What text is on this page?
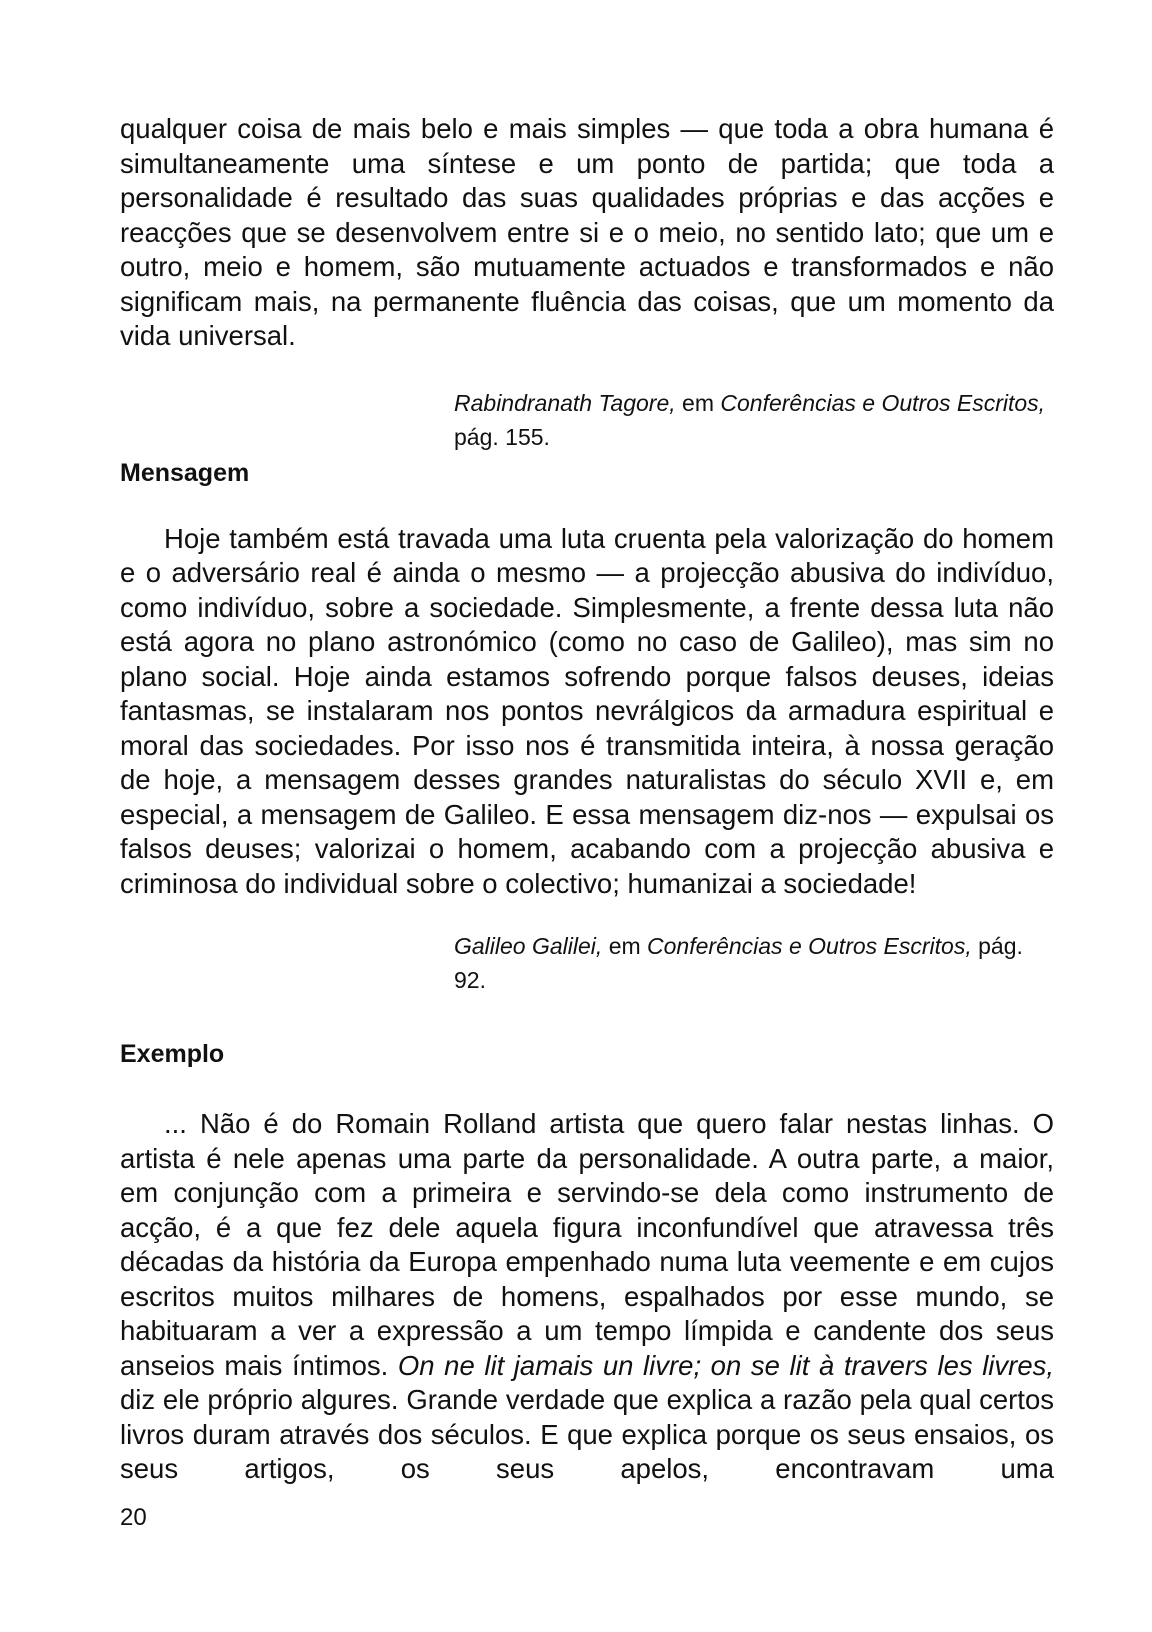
qualquer coisa de mais belo e mais simples — que toda a obra humana é simultaneamente uma síntese e um ponto de partida; que toda a personalidade é resultado das suas qualidades próprias e das acções e reacções que se desenvolvem entre si e o meio, no sentido lato; que um e outro, meio e homem, são mutuamente actuados e transformados e não significam mais, na permanente fluência das coisas, que um momento da vida universal.

Rabindranath Tagore, em Conferências e Outros Escritos, pág. 155.
Mensagem

Hoje também está travada uma luta cruenta pela valorização do homem e o adversário real é ainda o mesmo — a projecção abusiva do indivíduo, como indivíduo, sobre a sociedade. Simplesmente, a frente dessa luta não está agora no plano astronómico (como no caso de Galileo), mas sim no plano social. Hoje ainda estamos sofrendo porque falsos deuses, ideias fantasmas, se instalaram nos pontos nevrálgicos da armadura espiritual e moral das sociedades. Por isso nos é transmitida inteira, à nossa geração de hoje, a mensagem desses grandes naturalistas do século XVII e, em especial, a mensagem de Galileo. E essa mensagem diz-nos — expulsai os falsos deuses; valorizai o homem, acabando com a projecção abusiva e criminosa do individual sobre o colectivo; humanizai a sociedade!

Galileo Galilei, em Conferências e Outros Escritos, pág. 92.
Exemplo

... Não é do Romain Rolland artista que quero falar nestas linhas. O artista é nele apenas uma parte da personalidade. A outra parte, a maior, em conjunção com a primeira e servindo-se dela como instrumento de acção, é a que fez dele aquela figura inconfundível que atravessa três décadas da história da Europa empenhado numa luta veemente e em cujos escritos muitos milhares de homens, espalhados por esse mundo, se habituaram a ver a expressão a um tempo límpida e candente dos seus anseios mais íntimos. On ne lit jamais un livre; on se lit à travers les livres, diz ele próprio algures. Grande verdade que explica a razão pela qual certos livros duram através dos séculos. E que explica porque os seus ensaios, os seus artigos, os seus apelos, encontravam uma

20
